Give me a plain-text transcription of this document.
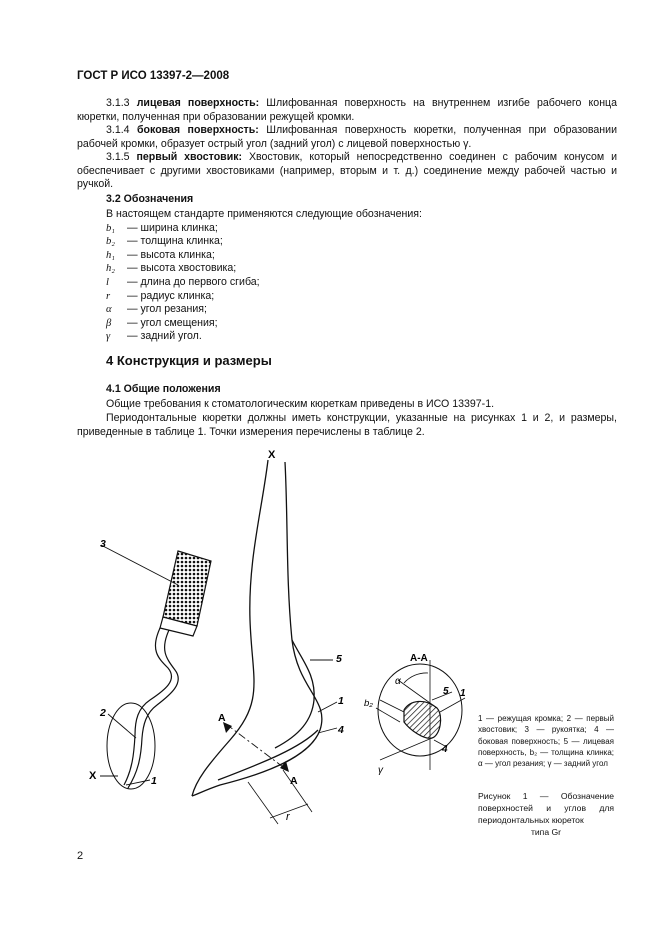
ГОСТ Р ИСО 13397-2—2008
3.1.3 лицевая поверхность: Шлифованная поверхность на внутреннем изгибе рабочего конца кюретки, полученная при образовании режущей кромки.
3.1.4 боковая поверхность: Шлифованная поверхность кюретки, полученная при образовании рабочей кромки, образует острый угол (задний угол) с лицевой поверхностью γ.
3.1.5 первый хвостовик: Хвостовик, который непосредственно соединен с рабочим конусом и обеспечивает с другими хвостовиками (например, вторым и т. д.) соединение между рабочей частью и ручкой.
3.2 Обозначения
В настоящем стандарте применяются следующие обозначения:
b₁ — ширина клинка;
b₂ — толщина клинка;
h₁ — высота клинка;
h₂ — высота хвостовика;
l — длина до первого сгиба;
r — радиус клинка;
α — угол резания;
β — угол смещения;
γ — задний угол.
4 Конструкция и размеры
4.1 Общие положения
Общие требования к стоматологическим кюреткам приведены в ИСО 13397-1.
Периодонтальные кюретки должны иметь конструкции, указанные на рисунках 1 и 2, и размеры, приведенные в таблице 1. Точки измерения перечислены в таблице 2.
3
2
1
X
X
A
A
r
5
1
4
А-А
α
b₂
5 1
4
γ
1 — режущая кромка; 2 — первый хвостовик; 3 — рукоятка; 4 — боковая поверхность; 5 — лицевая поверхность, b₂ — толщина клинка; α — угол резания; γ — задний угол
Рисунок 1 — Обозначение поверхностей и углов для периодонтальных кюреток
типа Gr
2
